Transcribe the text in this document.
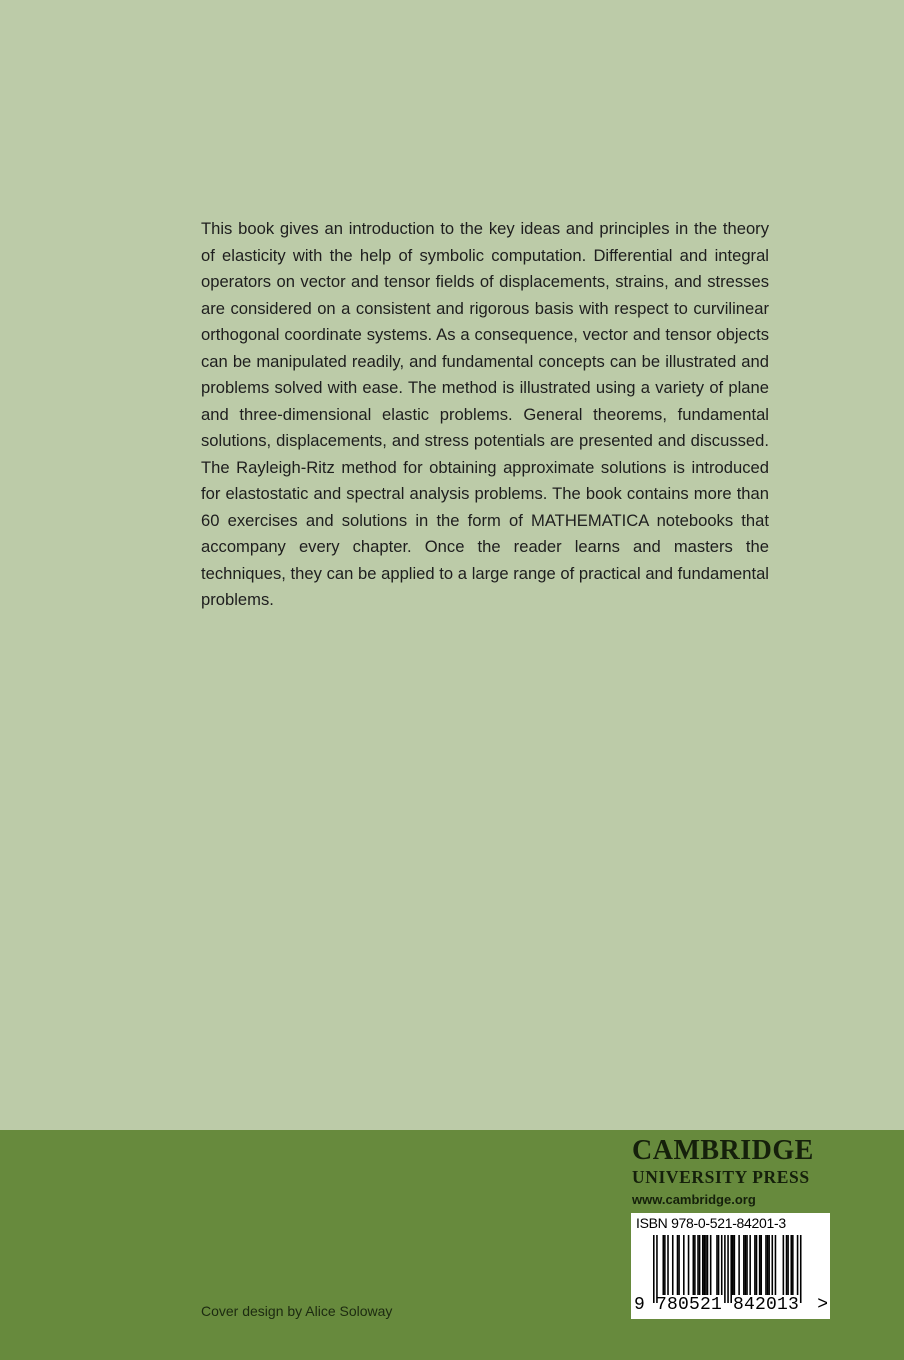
This book gives an introduction to the key ideas and principles in the theory of elasticity with the help of symbolic computation. Differential and integral operators on vector and tensor fields of displacements, strains, and stresses are considered on a consistent and rigorous basis with respect to curvilinear orthogonal coordinate systems. As a consequence, vector and tensor objects can be manipulated readily, and fundamental concepts can be illustrated and problems solved with ease. The method is illustrated using a variety of plane and three-dimensional elastic problems. General theorems, fundamental solutions, displacements, and stress potentials are presented and discussed. The Rayleigh-Ritz method for obtaining approximate solutions is introduced for elastostatic and spectral analysis problems. The book contains more than 60 exercises and solutions in the form of MATHEMATICA notebooks that accompany every chapter. Once the reader learns and masters the techniques, they can be applied to a large range of practical and fundamental problems.

CAMBRIDGE
UNIVERSITY PRESS
www.cambridge.org
ISBN 978-0-521-84201-3
9 780521 842013 >
Cover design by Alice Soloway
